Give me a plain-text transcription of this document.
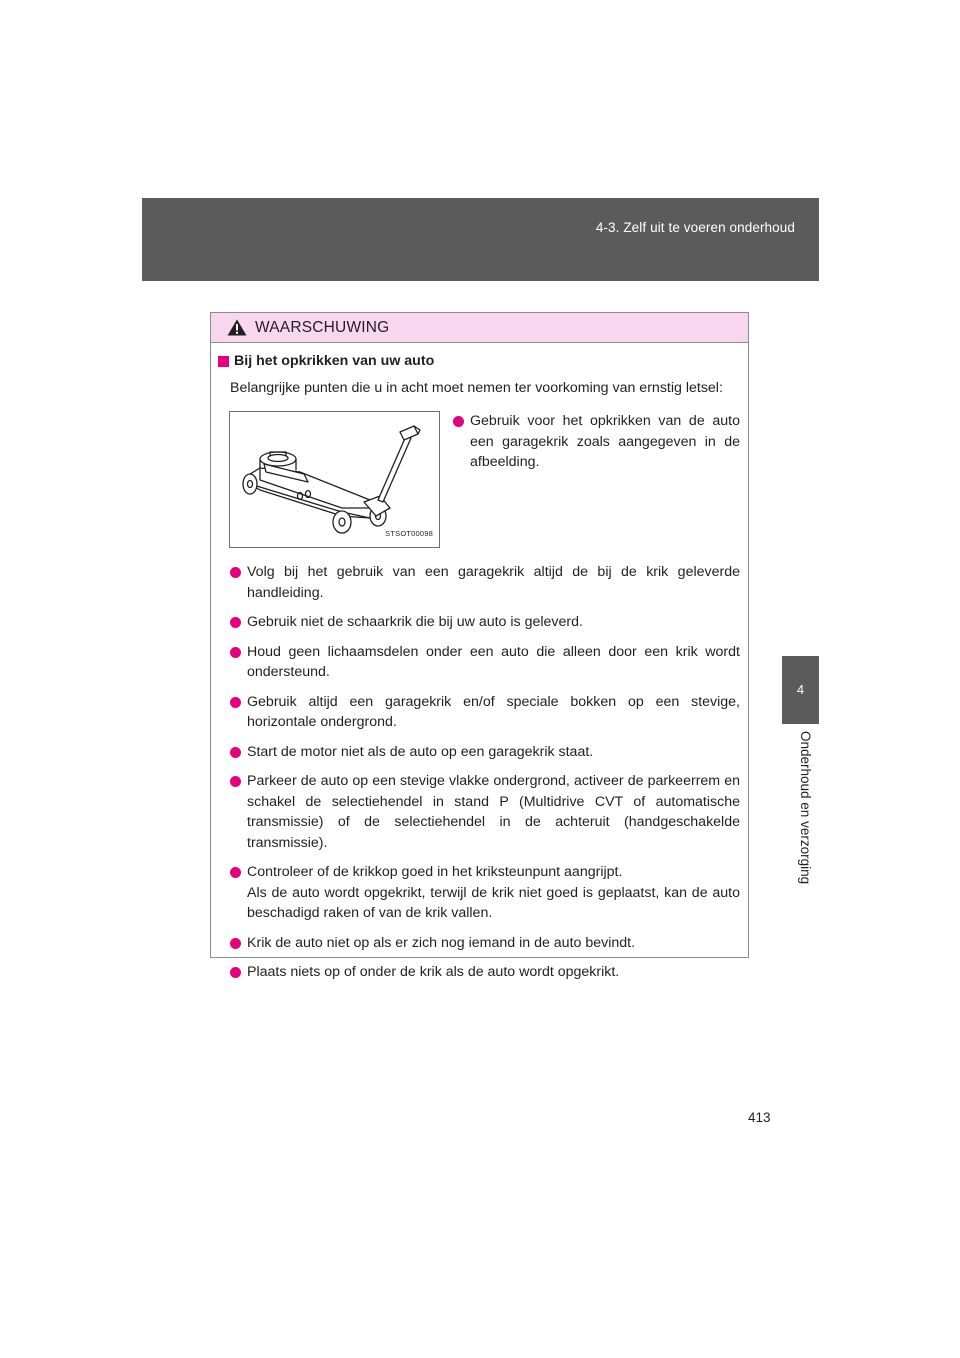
4-3. Zelf uit te voeren onderhoud
4
Onderhoud en verzorging
WAARSCHUWING
Bij het opkrikken van uw auto
Belangrijke punten die u in acht moet nemen ter voorkoming van ernstig letsel:
STSOT00098
Gebruik voor het opkrikken van de auto een garagekrik zoals aangegeven in de afbeelding.
Volg bij het gebruik van een garagekrik altijd de bij de krik geleverde handleiding.
Gebruik niet de schaarkrik die bij uw auto is geleverd.
Houd geen lichaamsdelen onder een auto die alleen door een krik wordt ondersteund.
Gebruik altijd een garagekrik en/of speciale bokken op een stevige, horizontale ondergrond.
Start de motor niet als de auto op een garagekrik staat.
Parkeer de auto op een stevige vlakke ondergrond, activeer de parkeerrem en schakel de selectiehendel in stand P (Multidrive CVT of automatische transmissie) of de selectiehendel in de achteruit (handgeschakelde transmissie).
Controleer of de krikkop goed in het kriksteunpunt aangrijpt.
Als de auto wordt opgekrikt, terwijl de krik niet goed is geplaatst, kan de auto beschadigd raken of van de krik vallen.
Krik de auto niet op als er zich nog iemand in de auto bevindt.
Plaats niets op of onder de krik als de auto wordt opgekrikt.
413
